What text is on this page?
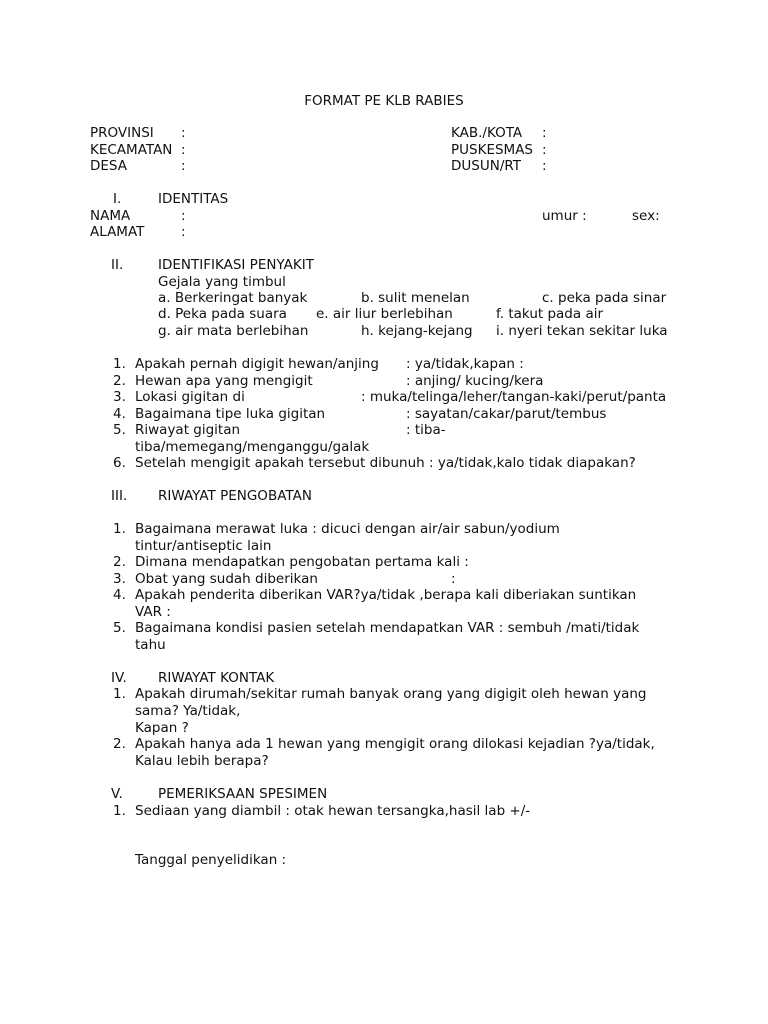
FORMAT PE KLB RABIES
PROVINSI :	KAB./KOTA :
KECAMATAN :	PUSKESMAS :
DESA	:	DUSUN/RT :
I.	IDENTITAS
NAMA	:	umur :	sex:
ALAMAT	:
II.	IDENTIFIKASI PENYAKIT
Gejala yang timbul
a. Berkeringat banyak	b. sulit menelan	c. peka pada sinar
d. Peka pada suara e. air liur berlebihan	f. takut pada air
g. air mata berlebihan	h. kejang-kejang i. nyeri tekan sekitar luka
1. Apakah pernah digigit hewan/anjing : ya/tidak,kapan :
2. Hewan apa yang mengigit	: anjing/ kucing/kera
3. Lokasi gigitan di	: muka/telinga/leher/tangan-kaki/perut/panta
4. Bagaimana tipe luka gigitan	: sayatan/cakar/parut/tembus
5. Riwayat gigitan	: tiba-
tiba/memegang/menganggu/galak
6. Setelah mengigit apakah tersebut dibunuh : ya/tidak,kalo tidak diapakan?
III. RIWAYAT PENGOBATAN
1. Bagaimana merawat luka : dicuci dengan air/air sabun/yodium
tintur/antiseptic lain
2. Dimana mendapatkan pengobatan pertama kali :
3. Obat yang sudah diberikan	:
4. Apakah penderita diberikan VAR?ya/tidak ,berapa kali diberiakan suntikan
VAR :
5. Bagaimana kondisi pasien setelah mendapatkan VAR : sembuh /mati/tidak
tahu
IV. RIWAYAT KONTAK
1. Apakah dirumah/sekitar rumah banyak orang yang digigit oleh hewan yang
sama? Ya/tidak,
Kapan ?
2. Apakah hanya ada 1 hewan yang mengigit orang dilokasi kejadian ?ya/tidak,
Kalau lebih berapa?
V.	PEMERIKSAAN SPESIMEN
1. Sediaan yang diambil : otak hewan tersangka,hasil lab +/-
Tanggal penyelidikan :
